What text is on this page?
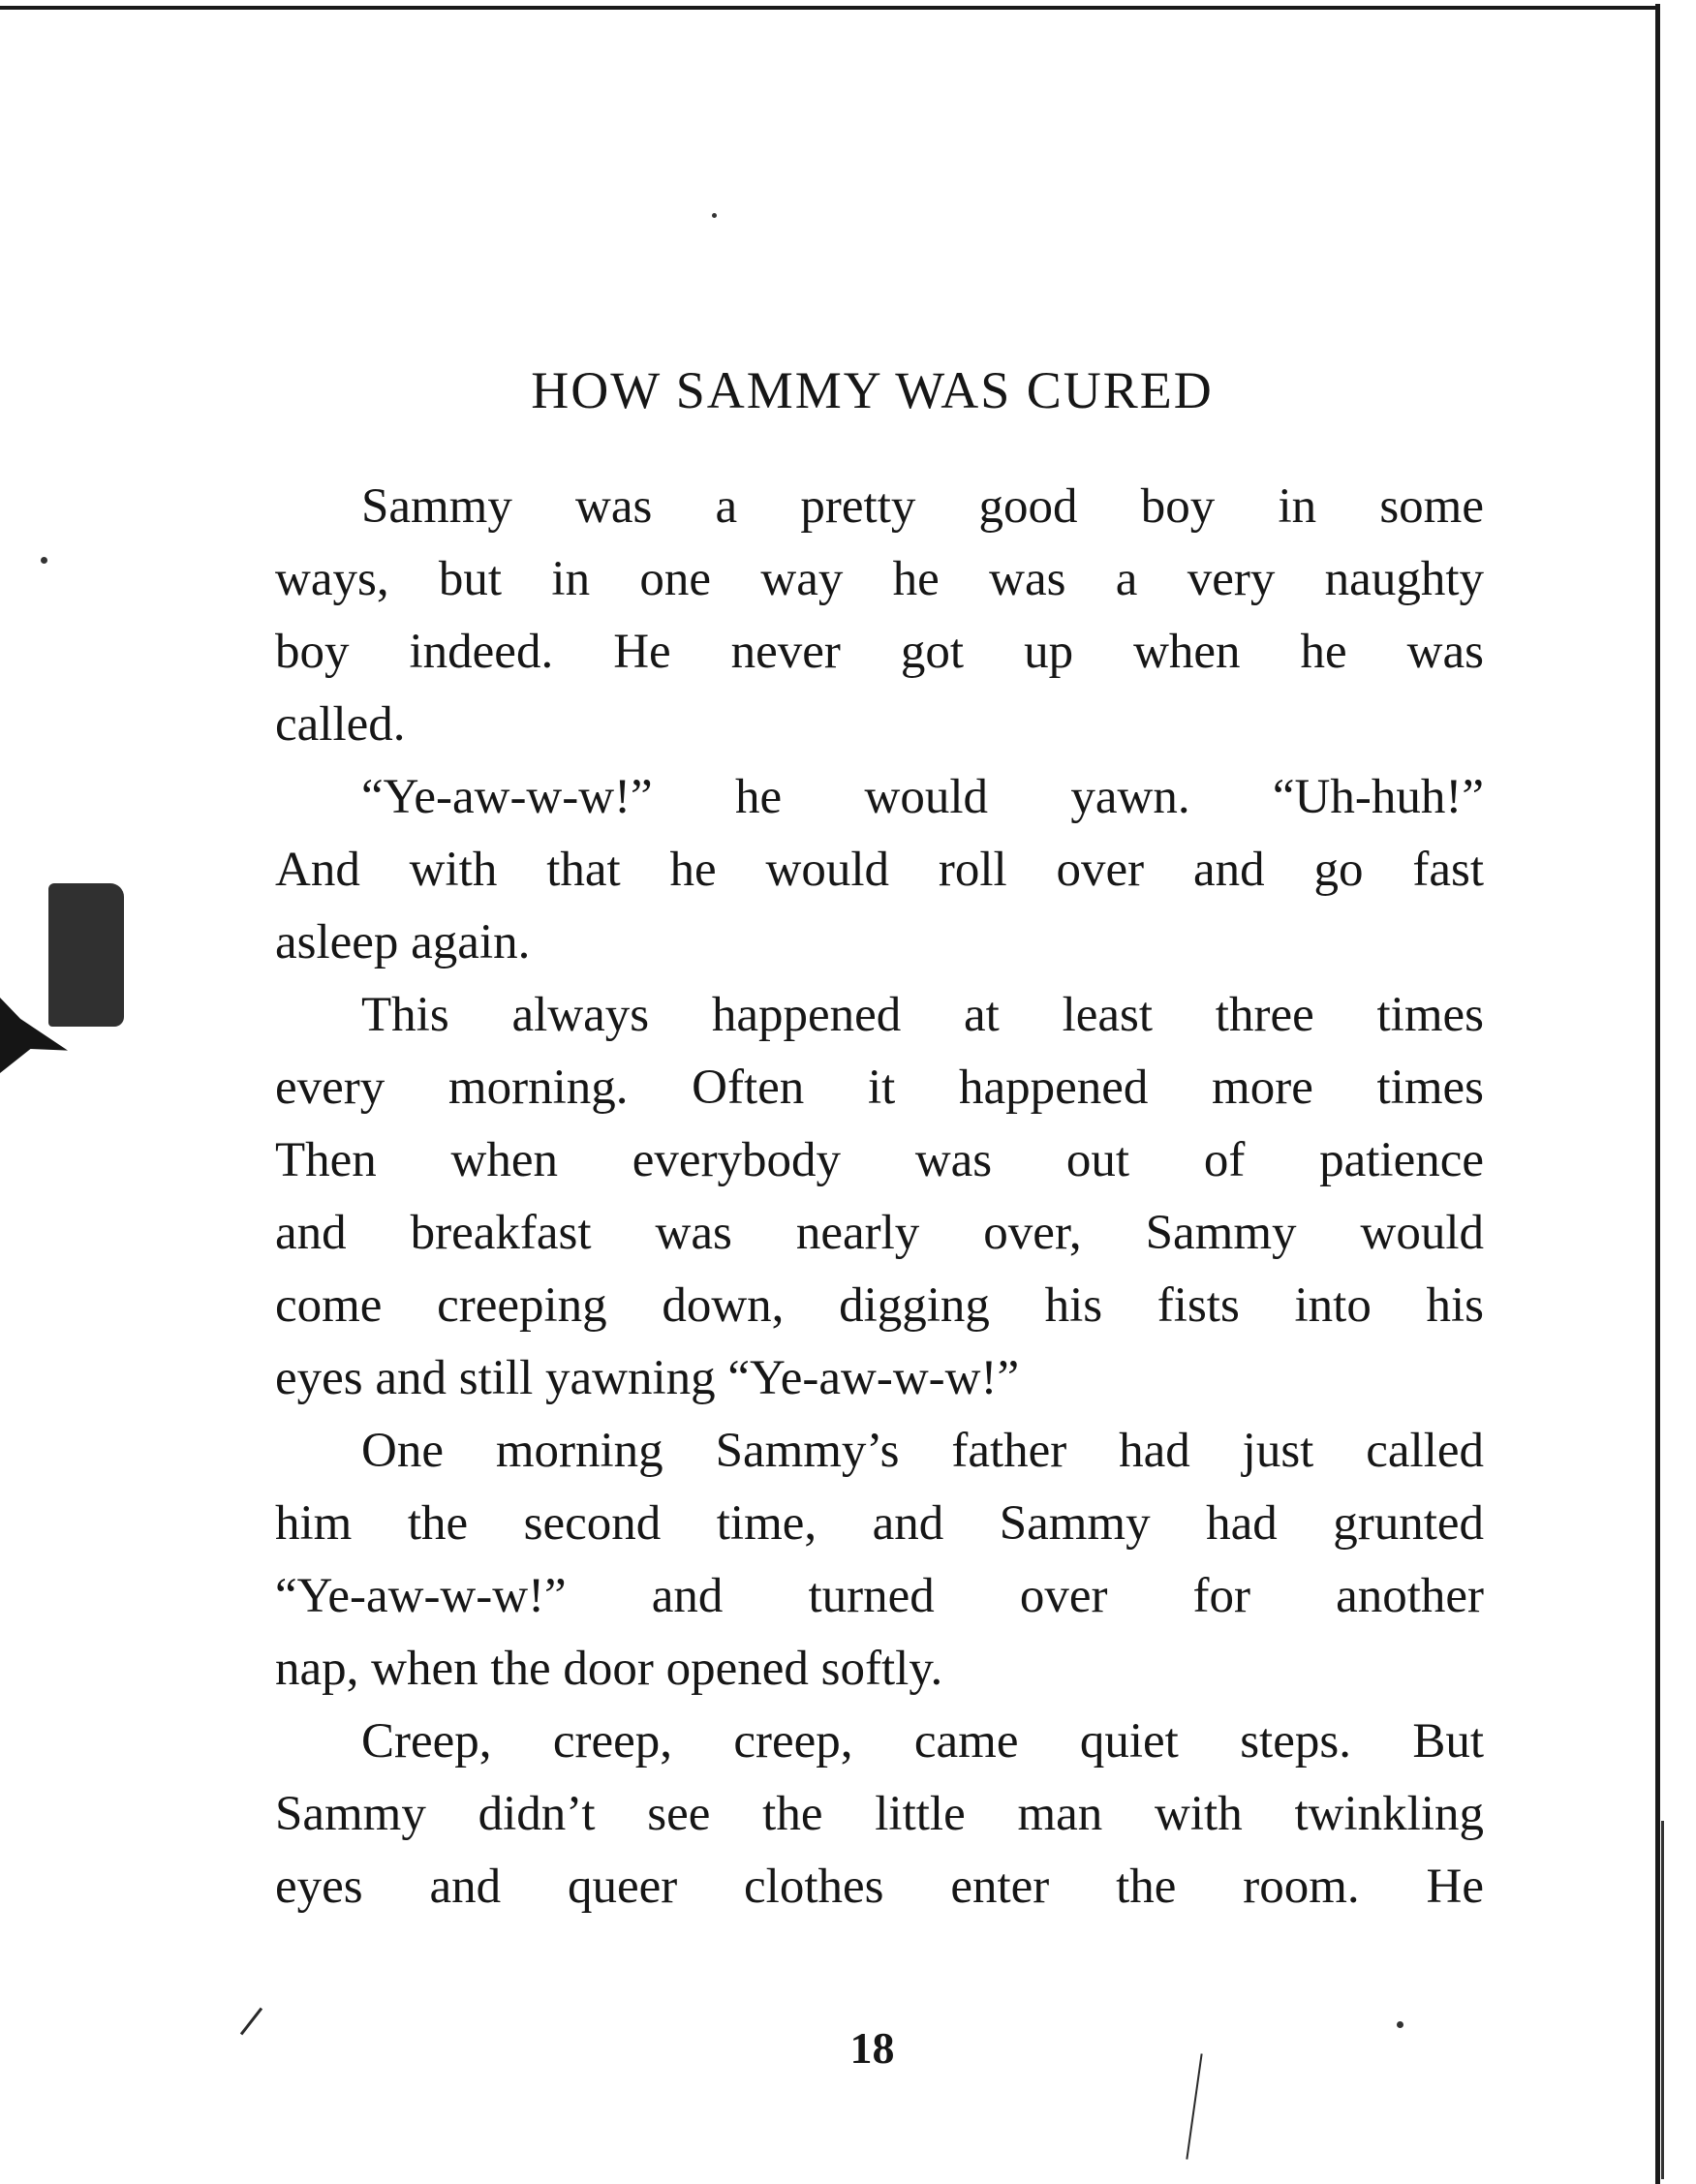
HOW SAMMY WAS CURED

Sammy was a pretty good boy in some

ways, but in one way he was a very naughty

boy indeed. He never got up when he was

called.

“Ye-aw-w-w!” he would yawn. “Uh-huh!”

And with that he would roll over and go fast

asleep again.

This always happened at least three times

every morning. Often it happened more times

Then when everybody was out of patience

and breakfast was nearly over, Sammy would

come creeping down, digging his fists into his

eyes and still yawning “Ye-aw-w-w!”

One morning Sammy’s father had just called

him the second time, and Sammy had grunted

“Ye-aw-w-w!” and turned over for another

nap, when the door opened softly.

Creep, creep, creep, came quiet steps. But

Sammy didn’t see the little man with twinkling

eyes and queer clothes enter the room. He

18
